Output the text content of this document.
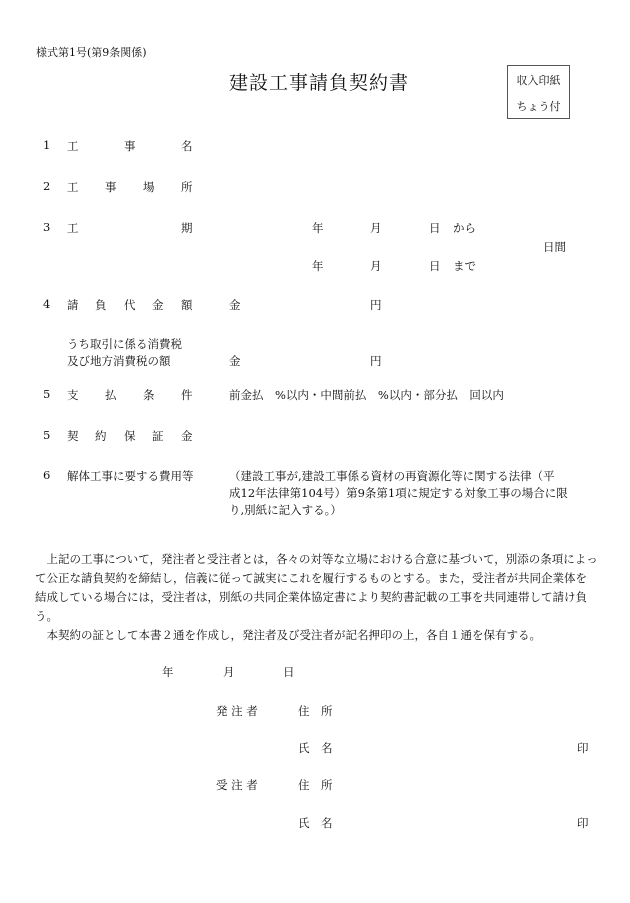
様式第1号(第9条関係)
建設工事請負契約書	収入印紙
ちょう付
1 工	事	名
2 工 事 場 所
3 工	期	年	月	日 から
日間
年	月	日 まで
4 請 負 代 金 額	金	円
うち取引に係る消費税
及び地方消費税の額	金	円
5 支 払 条 件	前金払　%以内・中間前払　%以内・部分払　回以内
5 契 約 保 証 金
6 解体工事に要する費用等	（建設工事が,建設工事係る資材の再資源化等に関する法律（平
成12年法律第104号）第9条第1項に規定する対象工事の場合に限
り,別紙に記入する。）
　上記の工事について，発注者と受注者とは，各々の対等な立場における合意に基づいて，別添の条項によっ
て公正な請負契約を締結し，信義に従って誠実にこれを履行するものとする。また，受注者が共同企業体を
結成している場合には，受注者は，別紙の共同企業体協定書により契約書記載の工事を共同連帯して請け負
う。
　本契約の証として本書２通を作成し，発注者及び受注者が記名押印の上，各自１通を保有する。
年	月	日
発 注 者	住　所
氏　名	印
受 注 者	住　所
氏　名	印
